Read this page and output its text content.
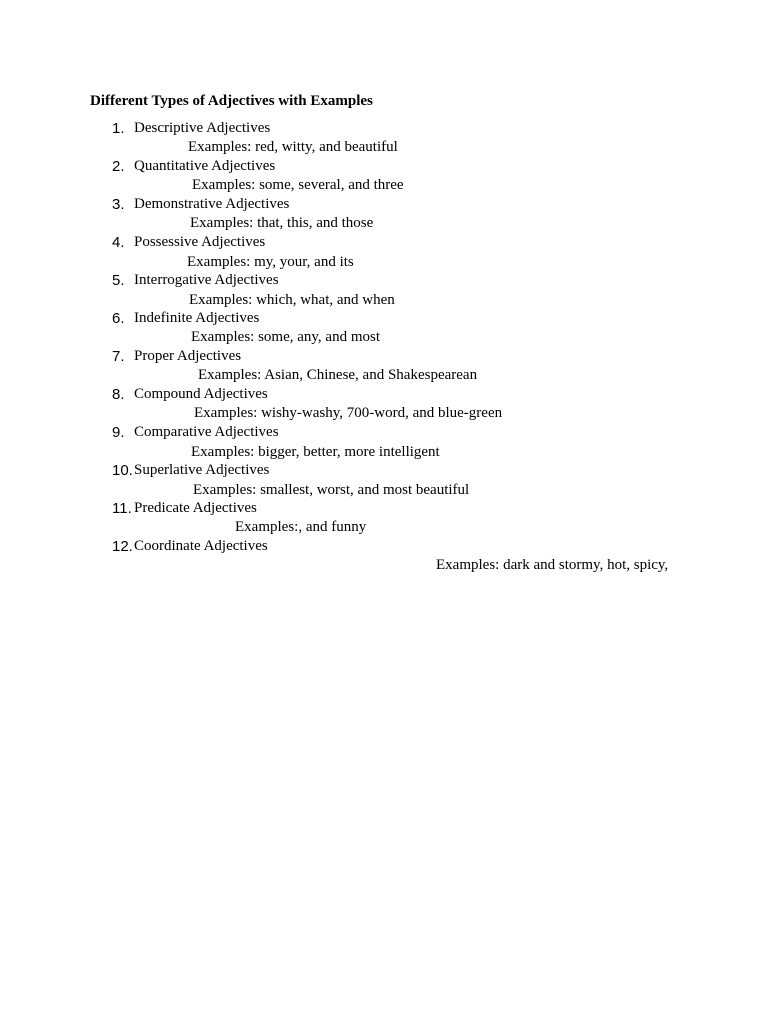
Different Types of Adjectives with Examples
1. Descriptive Adjectives
Examples: red, witty, and beautiful
2. Quantitative Adjectives
Examples: some, several, and three
3. Demonstrative Adjectives
Examples: that, this, and those
4. Possessive Adjectives
Examples: my, your, and its
5. Interrogative Adjectives
Examples: which, what, and when
6. Indefinite Adjectives
Examples: some, any, and most
7. Proper Adjectives
Examples: Asian, Chinese, and Shakespearean
8. Compound Adjectives
Examples: wishy-washy, 700-word, and blue-green
9. Comparative Adjectives
Examples: bigger, better, more intelligent
10. Superlative Adjectives
Examples: smallest, worst, and most beautiful
11. Predicate Adjectives
Examples:, and funny
12. Coordinate Adjectives
Examples: dark and stormy, hot, spicy,
